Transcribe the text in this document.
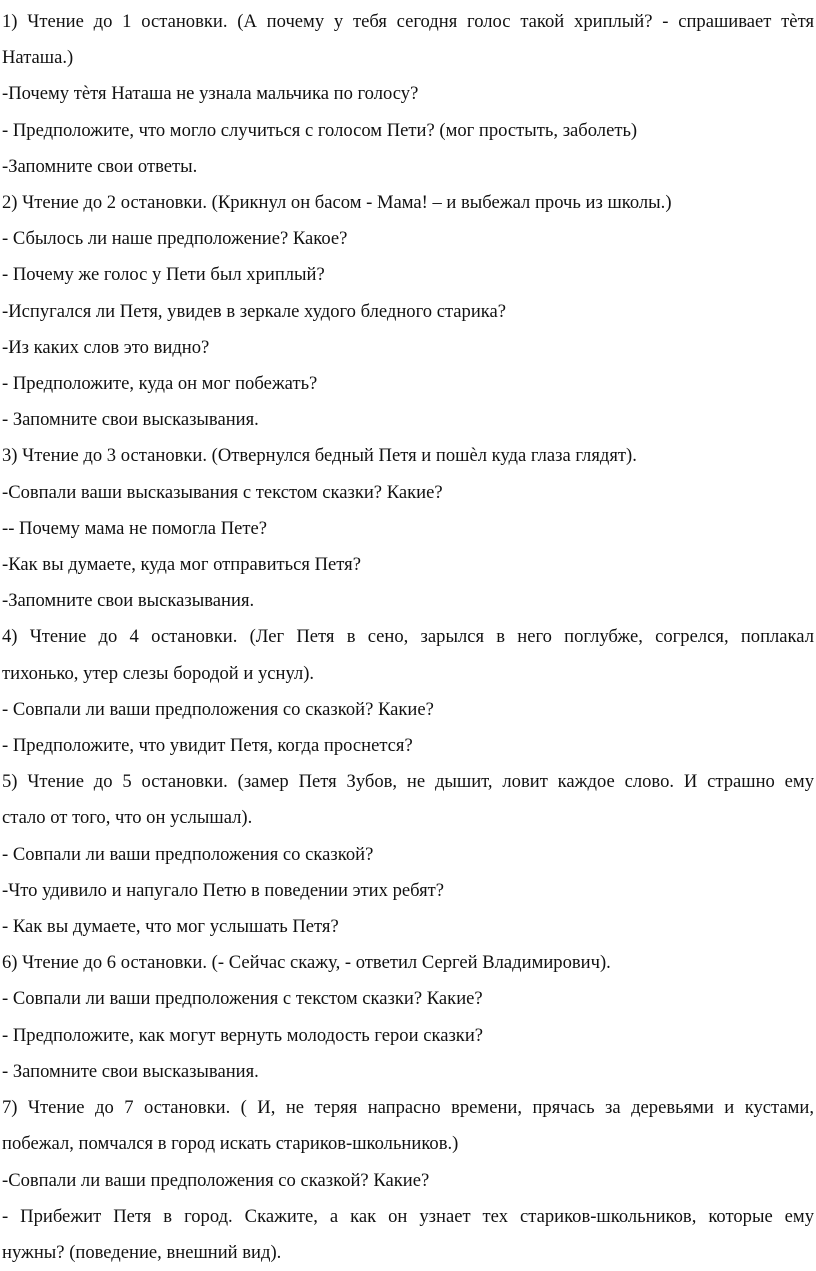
1) Чтение до 1 остановки. (А почему у тебя сегодня голос такой хриплый? - спрашивает тѐтя
Наташа.)
-Почему тѐтя Наташа не узнала мальчика по голосу?
- Предположите, что могло случиться с голосом Пети? (мог простыть, заболеть)
-Запомните свои ответы.
2) Чтение до 2 остановки. (Крикнул он басом - Мама! – и выбежал прочь из школы.)
- Сбылось ли наше предположение? Какое?
- Почему же голос у Пети был хриплый?
-Испугался ли Петя, увидев в зеркале худого бледного старика?
-Из каких слов это видно?
- Предположите, куда он мог побежать?
- Запомните свои высказывания.
3) Чтение до 3 остановки. (Отвернулся бедный Петя и пошѐл куда глаза глядят).
-Совпали ваши высказывания с текстом сказки? Какие?
-- Почему мама не помогла Пете?
-Как вы думаете, куда мог отправиться Петя?
-Запомните свои высказывания.
4) Чтение до 4 остановки. (Лег Петя в сено, зарылся в него поглубже, согрелся, поплакал
тихонько, утер слезы бородой и уснул).
- Совпали ли ваши предположения со сказкой? Какие?
- Предположите, что увидит Петя, когда проснется?
5) Чтение до 5 остановки. (замер Петя Зубов, не дышит, ловит каждое слово. И страшно ему
стало от того, что он услышал).
- Совпали ли ваши предположения со сказкой?
-Что удивило и напугало Петю в поведении этих ребят?
- Как вы думаете, что мог услышать Петя?
6) Чтение до 6 остановки. (- Сейчас скажу, - ответил Сергей Владимирович).
- Совпали ли ваши предположения с текстом сказки? Какие?
- Предположите, как могут вернуть молодость герои сказки?
- Запомните свои высказывания.
7) Чтение до 7 остановки. ( И, не теряя напрасно времени, прячась за деревьями и кустами,
побежал, помчался в город искать стариков-школьников.)
-Совпали ли ваши предположения со сказкой? Какие?
- Прибежит Петя в город. Скажите, а как он узнает тех стариков-школьников, которые ему
нужны? (поведение, внешний вид).
